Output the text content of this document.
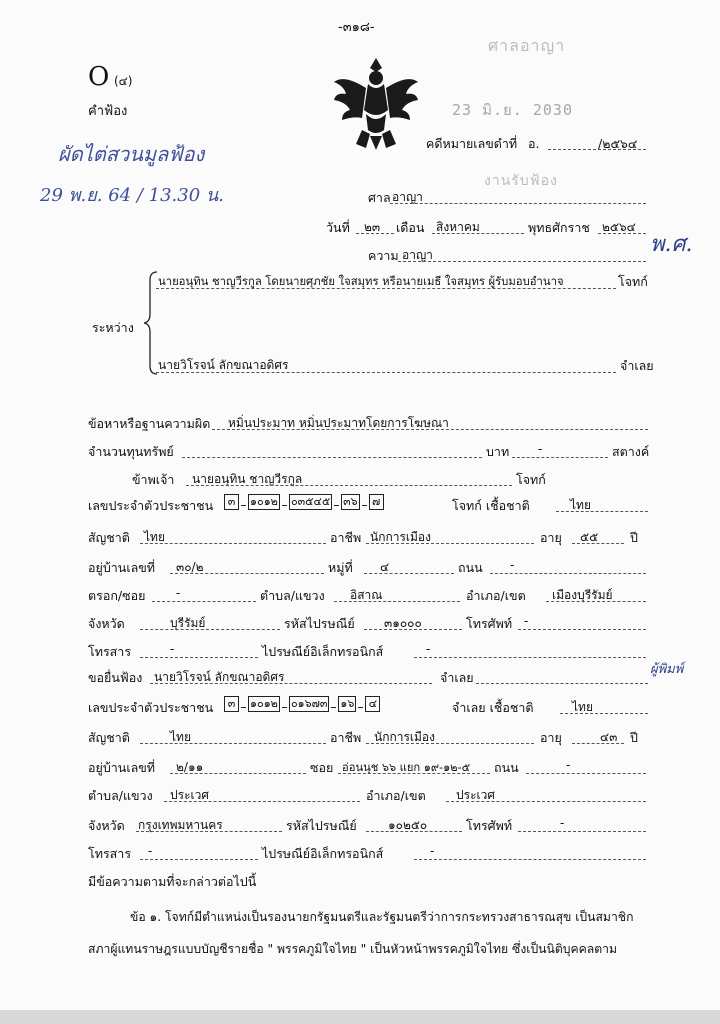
-๓๑๘-
O (๔)
คำฟ้อง
ศาลอาญา
23 มิ.ย. 2030
งานรับฟ้อง
ผัดไต่สวนมูลฟ้อง
29 พ.ย. 64 / 13.30 น.
พ.ศ.
ผู้พิมพ์
คดีหมายเลขดำที่ อ.	/๒๕๖๔
ศาล อาญา
วันที่ ๒๓ เดือน สิงหาคม	พุทธศักราช ๒๕๖๔
ความ อาญา
ระหว่าง
นายอนุทิน ชาญวีรกูล โดยนายศุภชัย ใจสมุทร หรือนายเมธี ใจสมุทร ผู้รับมอบอำนาจ	โจทก์
นายวิโรจน์ ลักขณาอดิศร	จำเลย
ข้อหาหรือฐานความผิด หมิ่นประมาท หมิ่นประมาทโดยการโฆษณา
จำนวนทุนทรัพย์	บาท -	สตางค์
ข้าพเจ้า นายอนุทิน ชาญวีรกูล	โจทก์
เลขประจำตัวประชาชน	๓	๑๐๑๒ ๐๓๕๔๕ ๓๖	๗	โจทก์ เชื้อชาติ	ไทย
สัญชาติ ไทย	อาชีพ นักการเมือง	อายุ ๕๕	ปี
อยู่บ้านเลขที่ ๓๐/๒	หมู่ที่ ๔	ถนน -
ตรอก/ซอย	-	ตำบล/แขวง อิสาณ	อำเภอ/เขต เมืองบุรีรัมย์
จังหวัด	บุรีรัมย์	รหัสไปรษณีย์ ๓๑๐๐๐	โทรศัพท์ -
โทรสาร	-	ไปรษณีย์อิเล็กทรอนิกส์	-
ขอยื่นฟ้อง นายวิโรจน์ ลักขณาอดิศร	จำเลย
เลขประจำตัวประชาชน	๓	๑๐๑๒ ๐๑๖๗๓ ๑๖	๔	จำเลย เชื้อชาติ	ไทย
สัญชาติ	ไทย	อาชีพ นักการเมือง	อายุ	๔๓ ปี
อยู่บ้านเลขที่ ๒/๑๑	ซอย อ่อนนุช ๖๖ แยก ๑๙-๑๒-๕ ถนน	-
ตำบล/แขวง ประเวศ	อำเภอ/เขต	ประเวศ
จังหวัด กรุงเทพมหานคร	รหัสไปรษณีย์	๑๐๒๕๐	โทรศัพท์	-
โทรสาร -	ไปรษณีย์อิเล็กทรอนิกส์	-
มีข้อความตามที่จะกล่าวต่อไปนี้
ข้อ ๑. โจทก์มีตำแหน่งเป็นรองนายกรัฐมนตรีและรัฐมนตรีว่าการกระทรวงสาธารณสุข เป็นสมาชิก
สภาผู้แทนราษฎรแบบบัญชีรายชื่อ " พรรคภูมิใจไทย " เป็นหัวหน้าพรรคภูมิใจไทย ซึ่งเป็นนิติบุคคลตาม
